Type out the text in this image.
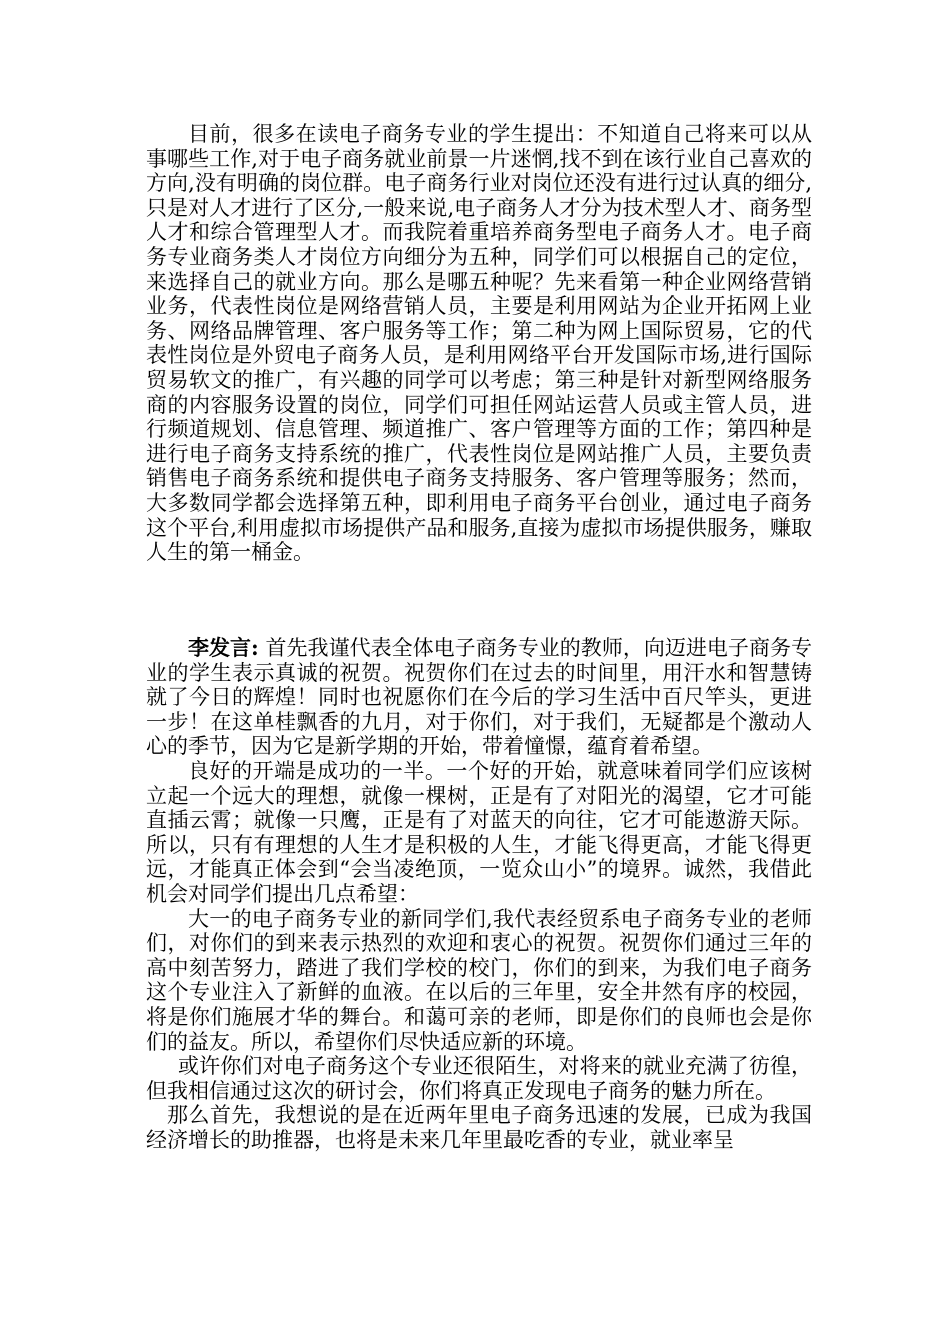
目前，很多在读电子商务专业的学生提出：不知道自己将来可以从事哪些工作,对于电子商务就业前景一片迷惘,找不到在该行业自己喜欢的方向,没有明确的岗位群。电子商务行业对岗位还没有进行过认真的细分,只是对人才进行了区分,一般来说,电子商务人才分为技术型人才、商务型人才和综合管理型人才。而我院着重培养商务型电子商务人才。电子商务专业商务类人才岗位方向细分为五种，同学们可以根据自己的定位，来选择自己的就业方向。那么是哪五种呢？先来看第一种企业网络营销业务，代表性岗位是网络营销人员，主要是利用网站为企业开拓网上业务、网络品牌管理、客户服务等工作；第二种为网上国际贸易，它的代表性岗位是外贸电子商务人员，是利用网络平台开发国际市场,进行国际贸易软文的推广，有兴趣的同学可以考虑；第三种是针对新型网络服务商的内容服务设置的岗位，同学们可担任网站运营人员或主管人员，进行频道规划、信息管理、频道推广、客户管理等方面的工作；第四种是进行电子商务支持系统的推广，代表性岗位是网站推广人员，主要负责销售电子商务系统和提供电子商务支持服务、客户管理等服务；然而，大多数同学都会选择第五种，即利用电子商务平台创业，通过电子商务这个平台,利用虚拟市场提供产品和服务,直接为虚拟市场提供服务，赚取人生的第一桶金。

李发言: 首先我谨代表全体电子商务专业的教师，向迈进电子商务专业的学生表示真诚的祝贺。祝贺你们在过去的时间里，用汗水和智慧铸就了今日的辉煌！同时也祝愿你们在今后的学习生活中百尺竿头，更进一步！在这单桂飘香的九月，对于你们，对于我们，无疑都是个激动人心的季节，因为它是新学期的开始，带着憧憬，蕴育着希望。

良好的开端是成功的一半。一个好的开始，就意味着同学们应该树立起一个远大的理想，就像一棵树，正是有了对阳光的渴望，它才可能直插云霄；就像一只鹰，正是有了对蓝天的向往，它才可能遨游天际。所以，只有有理想的人生才是积极的人生，才能飞得更高，才能飞得更远，才能真正体会到“会当凌绝顶，一览众山小”的境界。诚然，我借此机会对同学们提出几点希望：

大一的电子商务专业的新同学们,我代表经贸系电子商务专业的老师们，对你们的到来表示热烈的欢迎和衷心的祝贺。祝贺你们通过三年的高中刻苦努力，踏进了我们学校的校门，你们的到来，为我们电子商务这个专业注入了新鲜的血液。在以后的三年里，安全井然有序的校园，将是你们施展才华的舞台。和蔼可亲的老师，即是你们的良师也会是你们的益友。所以，希望你们尽快适应新的环境。

或许你们对电子商务这个专业还很陌生，对将来的就业充满了彷徨，但我相信通过这次的研讨会，你们将真正发现电子商务的魅力所在。

那么首先，我想说的是在近两年里电子商务迅速的发展，已成为我国经济增长的助推器，也将是未来几年里最吃香的专业，就业率呈
